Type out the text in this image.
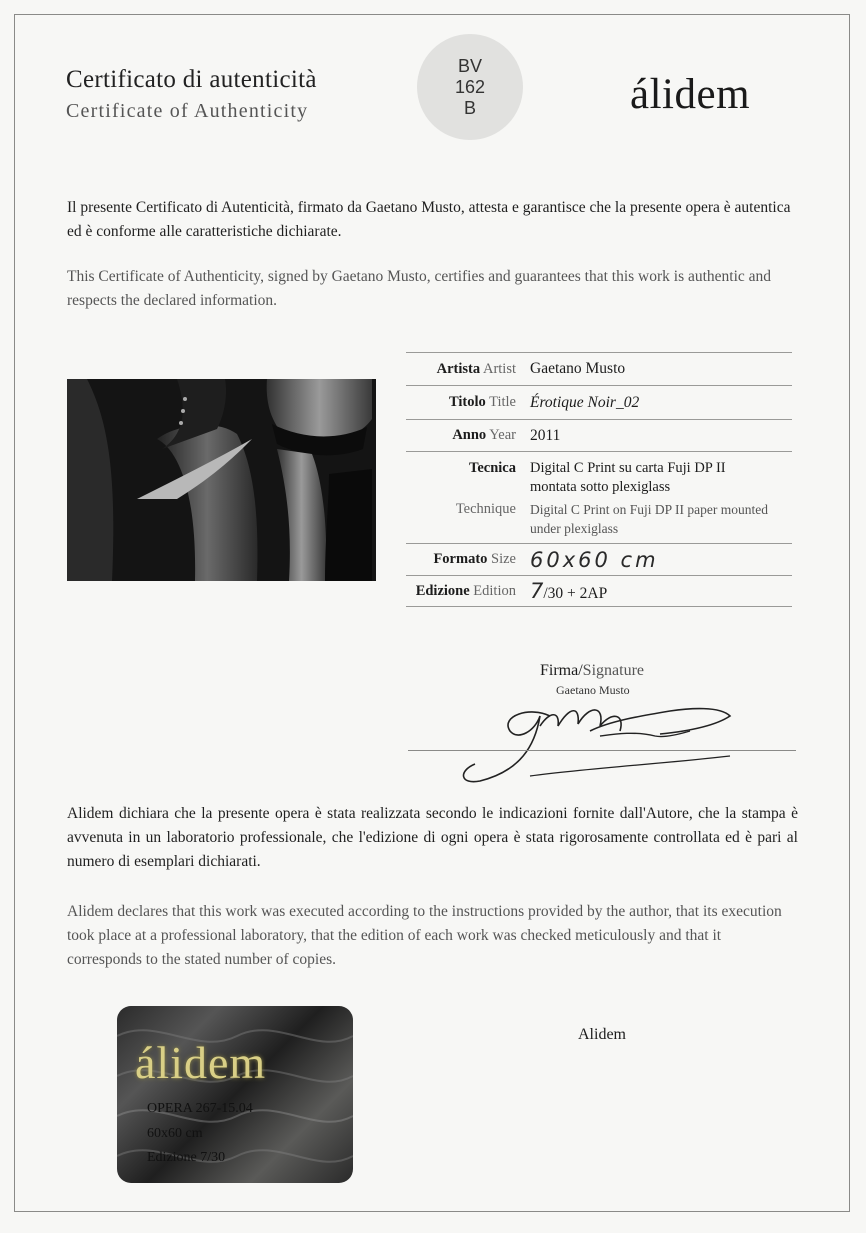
Certificato di autenticità
Certificate of Authenticity
BV
162
B	álidem
Il presente Certificato di Autenticità, firmato da Gaetano Musto, attesta e garantisce che la presente opera è autentica ed è conforme alle caratteristiche dichiarate.
This Certificate of Authenticity, signed by Gaetano Musto, certifies and guarantees that this work is authentic and respects the declared information.
Artista Artist Gaetano Musto
Titolo Title Érotique Noir_02
Anno Year 2011
Tecnica
Technique
Digital C Print su carta Fuji DP II montata sotto plexiglass
Digital C Print on Fuji DP II paper mounted under plexiglass
Formato Size 60x60 cm
Edizione Edition 7/30 + 2AP
Firma/Signature
Gaetano Musto
Alidem dichiara che la presente opera è stata realizzata secondo le indicazioni fornite dall'Autore, che la stampa è avvenuta in un laboratorio professionale, che l'edizione di ogni opera è stata rigorosamente controllata ed è pari al numero di esemplari dichiarati.
Alidem declares that this work was executed according to the instructions provided by the author, that its execution took place at a professional laboratory, that the edition of each work was checked meticulously and that it corresponds to the stated number of copies.
álidem
OPERA 267-15.04
60x60 cm
Edizione 7/30
Alidem
